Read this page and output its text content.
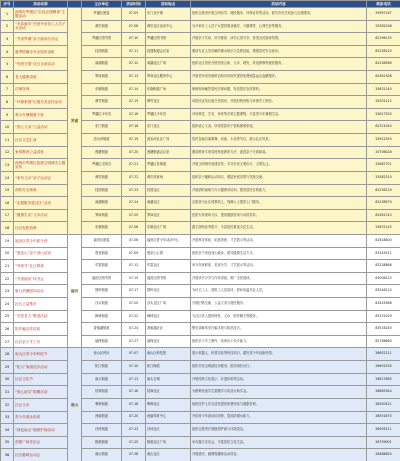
序号	活动名称		主办单位	活动时间	活动地点	活动内容	联系电话
1	深圳市罗湖区“弘扬志愿精神”主题活动	罗湖	罗湖区团委	07-05	东门步行街	组织志愿者开展文明劝导、便民服务、环保宣传等活动，倡导市民共同参与志愿服务。	25997187
2	“多彩童年”关爱外来务工人员子女活动		黄贝街道	07-08	黄贝社区活动中心	为外来务工人员子女提供课业辅导、兴趣课堂、心理关爱等服务。	25582296
3	“书香罗湖”亲子阅读分享会		罗湖区图书馆	07-10	罗湖区图书馆	开展亲子共读、好书推荐、读书心得分享，营造全民阅读氛围。	82196135
4	夏季防溺水安全知识讲座		桂园街道	07-11	桂园街道会议室	邀请专业人员讲解防溺水知识与急救技能，增强居民安全意识。	82238120
5	“邻里守望”社区互助活动		南湖街道	07-12	南湖社区广场	组织社区居民开展邻里互助、义诊、理发、家电维修等便民服务。	82238566
6	老人健康讲座		笋岗街道	07-13	笋岗社区服务中心	开展老年常见病防治知识讲座并提供免费测量血压血糖服务。	82461306
7	法律咨询		东晓街道	07-14	东晓街道广场	律师现场解答居民法律问题，发放普法宣传资料。	25631140
8	“环保家园”垃圾分类宣传活动		翠竹街道	07-15	翠竹社区	向居民宣传垃圾分类知识，开展旧物回收与环保手工制作。	25501212
9	青少年暑期夏令营		罗湖区少年宫	07-16	罗湖区少年宫	开设科技、艺术、体育等多种主题课程，丰富青少年暑期生活。	25617520
10	“爱心义卖”公益活动		东门街道	07-18	东门社区	组织爱心义卖，所得善款用于资助困难家庭。	82321040
11	社区文艺汇演		清水河街道	07-19	清水河社区广场	居民自编自演歌舞、戏曲、小品等节目，展示社区风采。	25922355
12	家庭教育公益讲座		莲塘街道	07-20	莲塘街道会议室	邀请教育专家讲授家庭教育方法，促进亲子关系和谐。	25706028
13	深圳市罗湖区创建文明城市主题宣传		罗湖区文明办	07-21	罗湖区各街道	开展文明城市创建宣传，引导市民文明出行、文明礼让。	25667701
14	“家有儿女”亲子运动会		黄贝街道	07-22	黄贝体育场	组织亲子趣味运动项目，增进家庭亲情与邻里交流。	25582310
15	消防安全演练		桂园街道	07-23	桂园社区	开展消防演练与灭火器使用培训，提高居民自救能力。	82238129
16	“志愿服务进社区”活动		南湖街道	07-24	南湖社区	志愿者为社区孤寡老人、残障人士提供上门服务。	82238570
17	“健康生活”义诊活动		笋岗街道	07-25	笋岗社区	医院专家现场义诊，提供健康咨询与用药指导。	82461310
18	社区电影放映		东晓街道	07-26	东晓社区广场	露天放映优秀影片，丰富居民夏夜文化生活。	25631145
19	福田区青少年夏令营	福田	福田区团委	07-06	福田区青少年活动中心	开展科技体验、拓展训练、才艺展示等活动。	82918800
20	“莲花山”亲子登山活动		莲花街道	07-09	莲花山公园	组织亲子家庭登山健身，倡导健康生活方式。	83345511
21	“邻里节”社区联欢		华富街道	07-12	华富社区	举办邻里联欢、美食分享、才艺展示等活动。	83228866
22	“书香福田”读书会		福田区图书馆	07-15	福田区图书馆	开展读书分享与作家讲座，推广全民阅读。	83006123
23	夏日消暑慰问活动		园岭街道	07-17	园岭社区	为环卫工人、建筑工人送清凉，慰问高温作业人员。	83246210
24	社区公益集市		沙头街道	07-20	沙头社区广场	开展旧物交换、公益义卖与便民服务。	83425588
25	“关爱老人”敬老活动		梅林街道	07-22	梅林社区	为社区老人提供理发、义诊、陪伴聊天等服务。	83131029
26	防诈骗宣传讲座		香蜜湖街道	07-24	香蜜湖社区	警官讲解常见诈骗手段与防范技巧。	83516240
27	社区亲子手工坊		福保街道	07-27	福保社区	组织亲子手工制作，培养孩子动手能力。	82798860
28	南山区青少年科技节	南山	南山区科协	07-07	南山区科技馆	展示机器人、科普实验等科技项目，激发青少年创新热情。	26652211
29	“蛇口”海滨徒步活动		蛇口街道	07-10	蛇口海滨	组织市民沿海滨徒步健身，倡导绿色出行。	26691530
30	社区文化节		南头街道	07-13	南头古城	开展传统文化展示、非遗体验等活动。	26617890
31	“爱心助学”捐赠活动		招商街道	07-16	招商社区	为困难家庭学生捐赠学习用品与助学金。	26683344
32	社区义诊		粤海街道	07-18	粤海社区	组织医护人员为居民提供免费体检与健康咨询。	26550421
33	青少年游泳培训		西丽街道	07-20	西丽体育中心	开设青少年游泳培训班，提高防溺水能力。	26551870
34	“绿色南山”植树护绿活动		沙河街道	07-23	沙河社区	组织志愿者开展植树护绿与环境清洁。	26905211
35	消夏广场音乐会		桃源街道	07-25	桃源社区广场	举办露天音乐会，丰富居民文化生活。	26739001
36	社区趣味运动会		南山街道	07-28	南山社区	开展拔河、跳绳等趣味运动项目。	26486620
